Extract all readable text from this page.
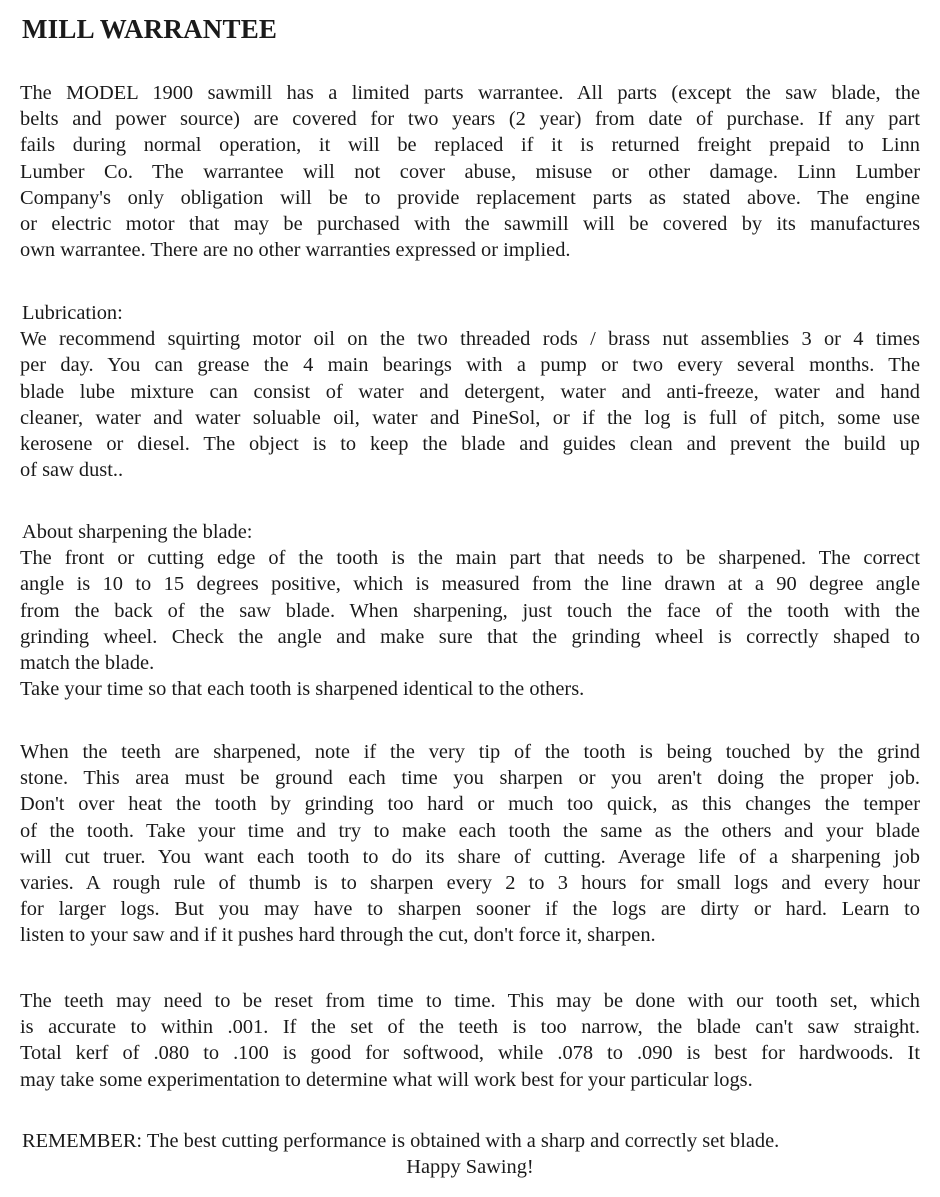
MILL WARRANTEE
The MODEL 1900 sawmill has a limited parts warrantee. All parts (except the saw blade, the
belts and power source) are covered for two years (2 year) from date of purchase. If any part
fails during normal operation, it will be replaced if it is returned freight prepaid to Linn
Lumber Co. The warrantee will not cover abuse, misuse or other damage. Linn Lumber
Company's only obligation will be to provide replacement parts as stated above. The engine
or electric motor that may be purchased with the sawmill will be covered by its manufactures
own warrantee. There are no other warranties expressed or implied.
Lubrication:
We recommend squirting motor oil on the two threaded rods / brass nut assemblies 3 or 4 times
per day. You can grease the 4 main bearings with a pump or two every several months. The
blade lube mixture can consist of water and detergent, water and anti-freeze, water and hand
cleaner, water and water soluable oil, water and PineSol, or if the log is full of pitch, some use
kerosene or diesel. The object is to keep the blade and guides clean and prevent the build up
of saw dust..
About sharpening the blade:
The front or cutting edge of the tooth is the main part that needs to be sharpened. The correct
angle is 10 to 15 degrees positive, which is measured from the line drawn at a 90 degree angle
from the back of the saw blade. When sharpening, just touch the face of the tooth with the
grinding wheel. Check the angle and make sure that the grinding wheel is correctly shaped to
match the blade.
Take your time so that each tooth is sharpened identical to the others.
When the teeth are sharpened, note if the very tip of the tooth is being touched by the grind
stone. This area must be ground each time you sharpen or you aren't doing the proper job.
Don't over heat the tooth by grinding too hard or much too quick, as this changes the temper
of the tooth. Take your time and try to make each tooth the same as the others and your blade
will cut truer. You want each tooth to do its share of cutting. Average life of a sharpening job
varies. A rough rule of thumb is to sharpen every 2 to 3 hours for small logs and every hour
for larger logs. But you may have to sharpen sooner if the logs are dirty or hard. Learn to
listen to your saw and if it pushes hard through the cut, don't force it, sharpen.
The teeth may need to be reset from time to time. This may be done with our tooth set, which
is accurate to within .001. If the set of the teeth is too narrow, the blade can't saw straight.
Total kerf of .080 to .100 is good for softwood, while .078 to .090 is best for hardwoods. It
may take some experimentation to determine what will work best for your particular logs.
REMEMBER: The best cutting performance is obtained with a sharp and correctly set blade.
Happy Sawing!
